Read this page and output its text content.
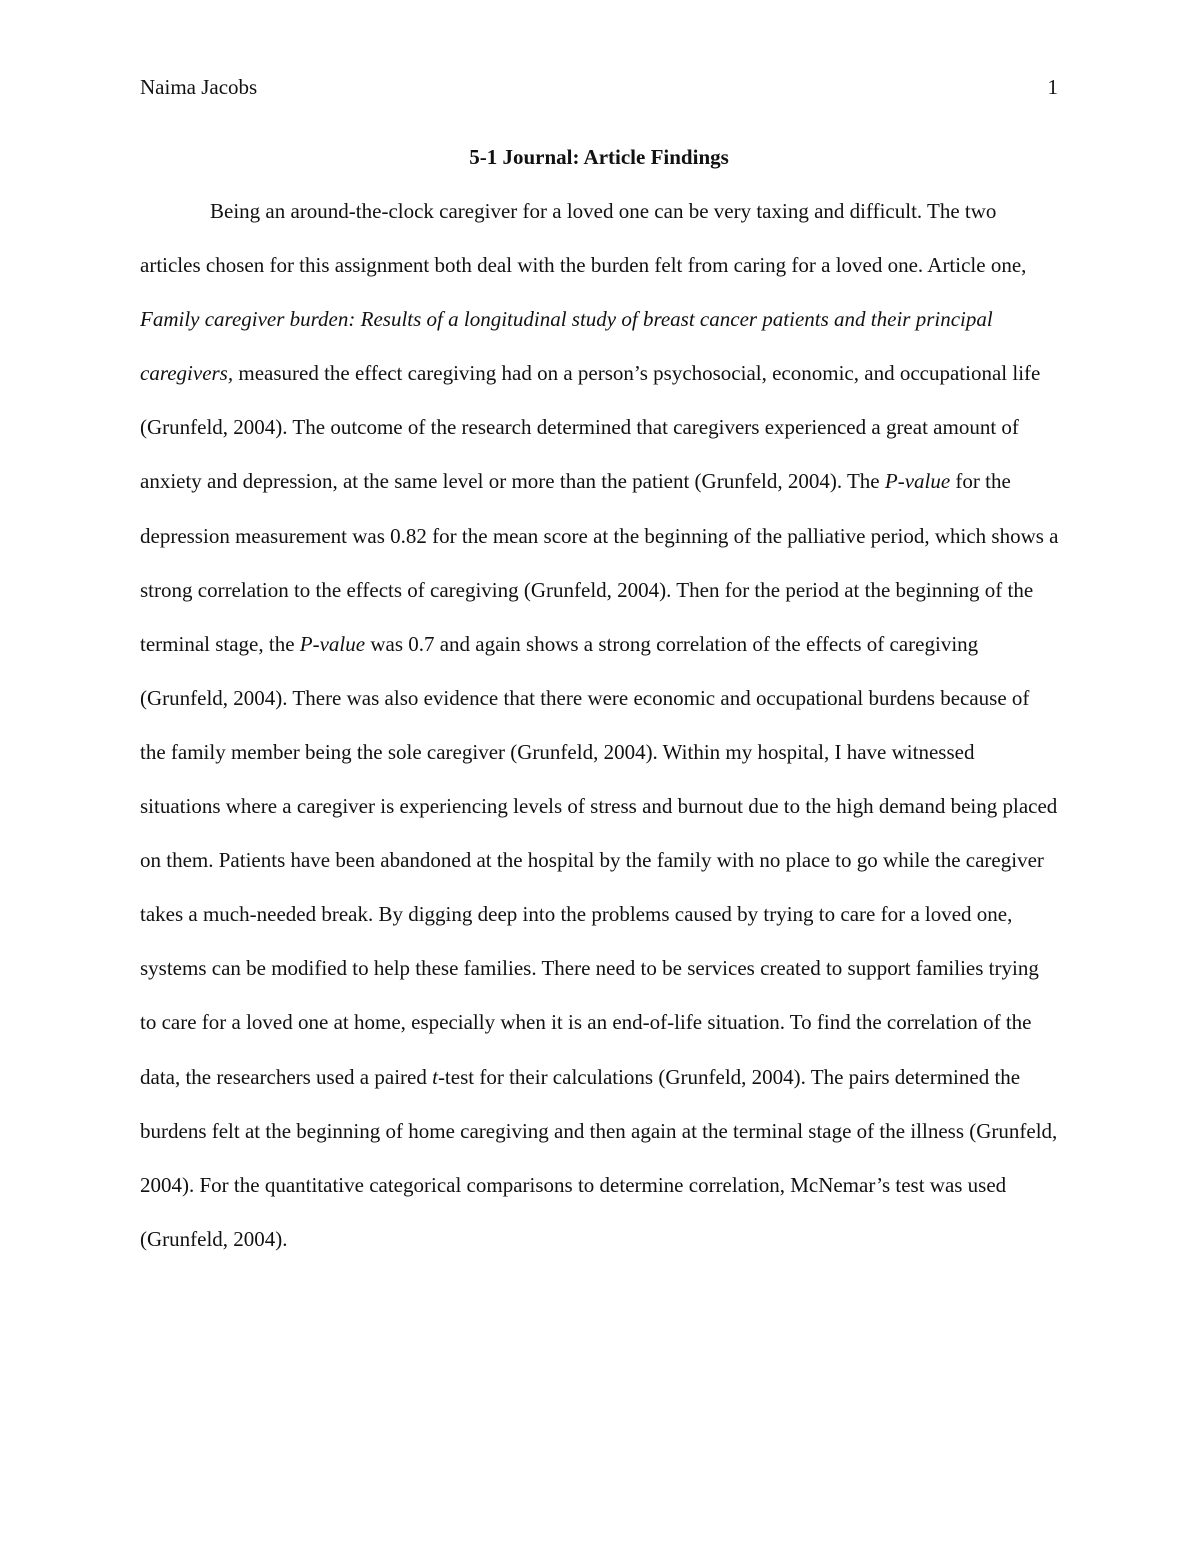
Naima Jacobs	1
5-1 Journal: Article Findings

Being an around-the-clock caregiver for a loved one can be very taxing and difficult. The two articles chosen for this assignment both deal with the burden felt from caring for a loved one. Article one, Family caregiver burden: Results of a longitudinal study of breast cancer patients and their principal caregivers, measured the effect caregiving had on a person’s psychosocial, economic, and occupational life (Grunfeld, 2004). The outcome of the research determined that caregivers experienced a great amount of anxiety and depression, at the same level or more than the patient (Grunfeld, 2004). The P-value for the depression measurement was 0.82 for the mean score at the beginning of the palliative period, which shows a strong correlation to the effects of caregiving (Grunfeld, 2004). Then for the period at the beginning of the terminal stage, the P-value was 0.7 and again shows a strong correlation of the effects of caregiving (Grunfeld, 2004). There was also evidence that there were economic and occupational burdens because of the family member being the sole caregiver (Grunfeld, 2004). Within my hospital, I have witnessed situations where a caregiver is experiencing levels of stress and burnout due to the high demand being placed on them. Patients have been abandoned at the hospital by the family with no place to go while the caregiver takes a much-needed break. By digging deep into the problems caused by trying to care for a loved one, systems can be modified to help these families. There need to be services created to support families trying to care for a loved one at home, especially when it is an end-of-life situation. To find the correlation of the data, the researchers used a paired t-test for their calculations (Grunfeld, 2004). The pairs determined the burdens felt at the beginning of home caregiving and then again at the terminal stage of the illness (Grunfeld, 2004). For the quantitative categorical comparisons to determine correlation, McNemar’s test was used (Grunfeld, 2004).
